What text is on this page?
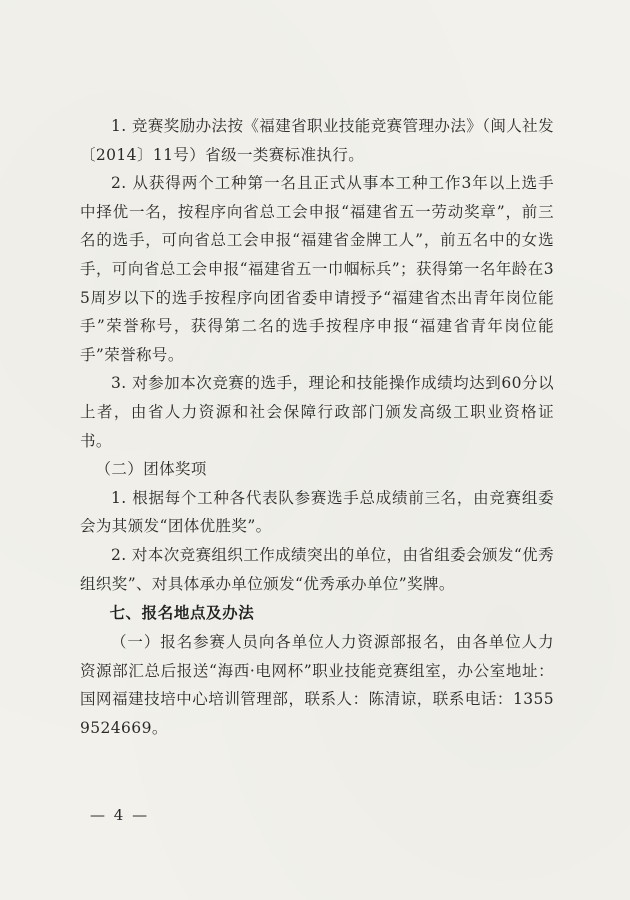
1. 竞赛奖励办法按《福建省职业技能竞赛管理办法》（闽人社发〔2014〕11号）省级一类赛标准执行。

2. 从获得两个工种第一名且正式从事本工种工作3年以上选手中择优一名，按程序向省总工会申报“福建省五一劳动奖章”，前三名的选手，可向省总工会申报“福建省金牌工人”，前五名中的女选手，可向省总工会申报“福建省五一巾帼标兵”；获得第一名年龄在35周岁以下的选手按程序向团省委申请授予“福建省杰出青年岗位能手”荣誉称号，获得第二名的选手按程序申报“福建省青年岗位能手”荣誉称号。

3. 对参加本次竞赛的选手，理论和技能操作成绩均达到60分以上者，由省人力资源和社会保障行政部门颁发高级工职业资格证书。

（二）团体奖项

1. 根据每个工种各代表队参赛选手总成绩前三名，由竞赛组委会为其颁发“团体优胜奖”。

2. 对本次竞赛组织工作成绩突出的单位，由省组委会颁发“优秀组织奖”、对具体承办单位颁发“优秀承办单位”奖牌。

七、报名地点及办法

（一）报名参赛人员向各单位人力资源部报名，由各单位人力资源部汇总后报送“海西·电网杯”职业技能竞赛组室，办公室地址：国网福建技培中心培训管理部，联系人：陈清谅，联系电话：13559524669。

— 4 —
